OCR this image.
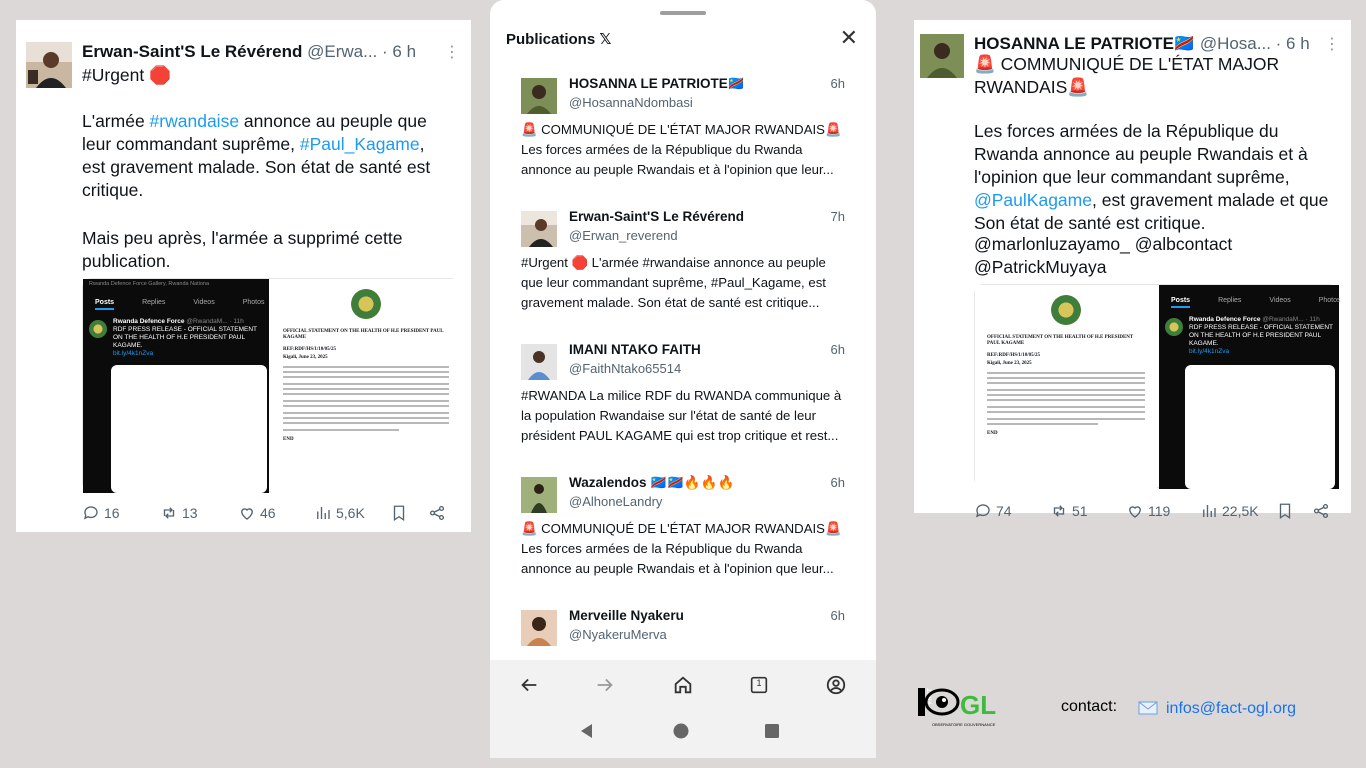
Erwan-Saint'S Le Révérend @Erwa... · 6 h ⋮
#Urgent 🛑
L'armée #rwandaise annonce au peuple que leur commandant suprême, #Paul_Kagame, est gravement malade. Son état de santé est critique.
Mais peu après, l'armée a supprimé cette publication.
Rwanda Defence Force Gallery, Rwanda Nationa
Posts	Replies	Videos	Photos
Rwanda Defence Force @RwandaM... · 11h
RDF PRESS RELEASE - OFFICIAL STATEMENT ON THE HEALTH OF H.E PRESIDENT PAUL KAGAME.
bit.ly/4k1nZva
OFFICIAL STATEMENT ON THE HEALTH OF H.E PRESIDENT PAUL KAGAME
REF:RDF/HS/1/10/05/25
Kigali, June 23, 2025
END
16	13	46	5,6K
Publications 𝕏	✕
HOSANNA LE PATRIOTE🇨🇩
@HosannaNdombasi
6h
🚨 COMMUNIQUÉ DE L'ÉTAT MAJOR RWANDAIS🚨 Les forces armées de la République du Rwanda annonce au peuple Rwandais et à l'opinion que leur...
Erwan-Saint'S Le Révérend
@Erwan_reverend
7h
#Urgent 🛑 L'armée #rwandaise annonce au peuple que leur commandant suprême, #Paul_Kagame, est gravement malade. Son état de santé est critique...
IMANI NTAKO FAITH
@FaithNtako65514
6h
#RWANDA La milice RDF du RWANDA communique à la population Rwandaise sur l'état de santé de leur président PAUL KAGAME qui est trop critique et rest...
Wazalendos 🇨🇩🇨🇩🔥🔥🔥
@AlhoneLandry
6h
🚨 COMMUNIQUÉ DE L'ÉTAT MAJOR RWANDAIS🚨 Les forces armées de la République du Rwanda annonce au peuple Rwandais et à l'opinion que leur...
Merveille Nyakeru
@NyakeruMerva
6h
1
HOSANNA LE PATRIOTE🇨🇩 @Hosa... · 6 h ⋮
🚨 COMMUNIQUÉ DE L'ÉTAT MAJOR RWANDAIS🚨
Les forces armées de la République du Rwanda annonce au peuple Rwandais et à l'opinion que leur commandant suprême, @PaulKagame, est gravement malade et que Son état de santé est critique.
@marlonluzayamo_ @albcontact @PatrickMuyaya
OFFICIAL STATEMENT ON THE HEALTH OF H.E PRESIDENT PAUL KAGAME
REF:RDF/HS/1/10/05/25
Kigali, June 23, 2025
END
Posts	Replies	Videos	Photos
Rwanda Defence Force @RwandaM... · 11h
RDF PRESS RELEASE - OFFICIAL STATEMENT ON THE HEALTH OF H.E PRESIDENT PAUL KAGAME.
bit.ly/4k1nZva
74	51	119	22,5K
FACT GL
OBSERVATOIRE GOUVERNANCE
contact:	infos@fact-ogl.org
